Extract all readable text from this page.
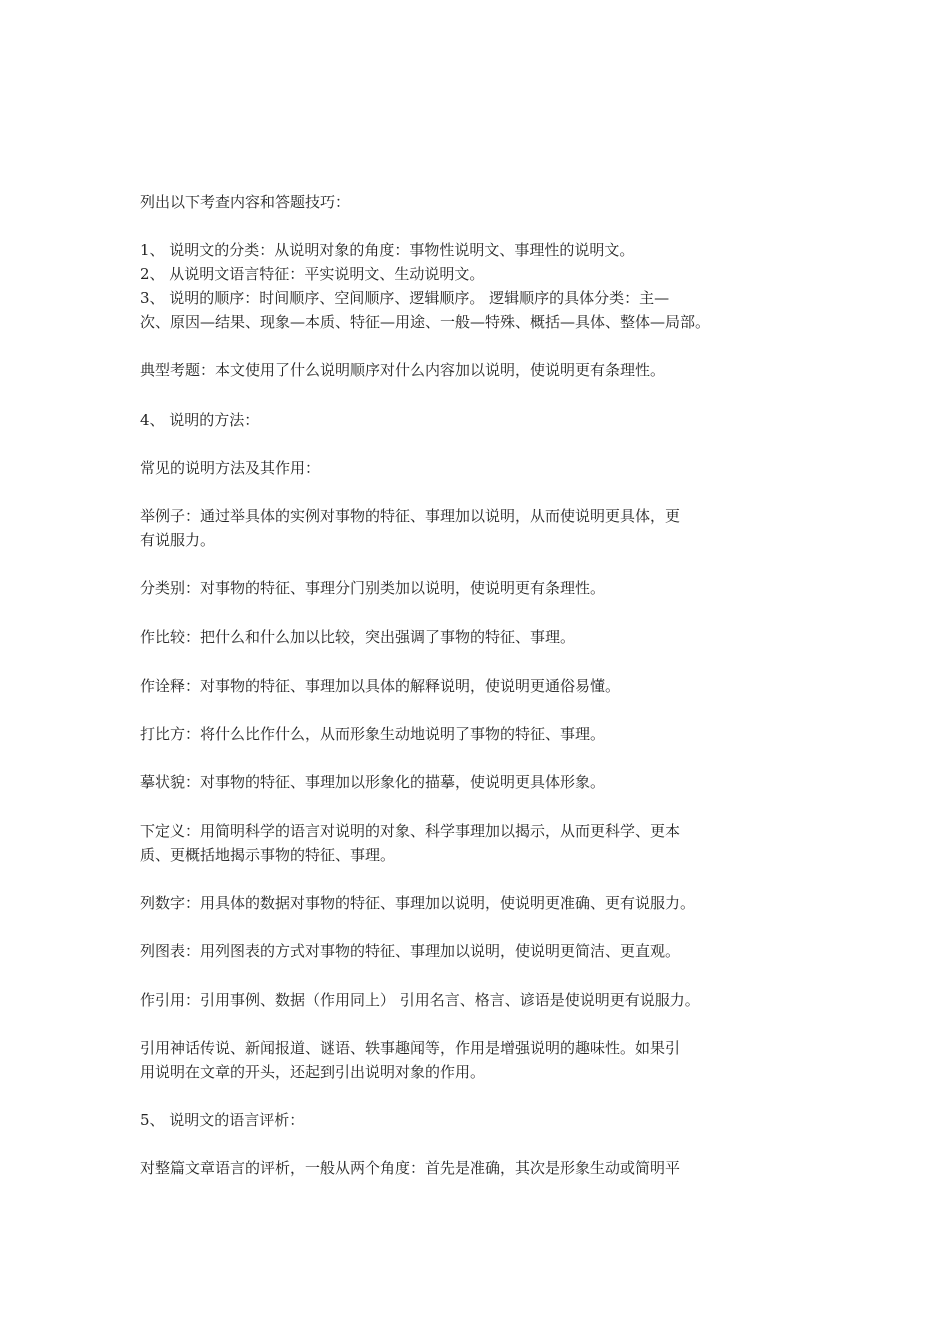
列出以下考查内容和答题技巧：
1、 说明文的分类：从说明对象的角度：事物性说明文、事理性的说明文。
2、 从说明文语言特征：平实说明文、生动说明文。
3、 说明的顺序：时间顺序、空间顺序、逻辑顺序。 逻辑顺序的具体分类：主—
次、原因—结果、现象—本质、特征—用途、一般—特殊、概括—具体、整体—局部。
典型考题：本文使用了什么说明顺序对什么内容加以说明，使说明更有条理性。
4、 说明的方法：
常见的说明方法及其作用：
举例子：通过举具体的实例对事物的特征、事理加以说明，从而使说明更具体，更
有说服力。
分类别：对事物的特征、事理分门别类加以说明，使说明更有条理性。
作比较：把什么和什么加以比较，突出强调了事物的特征、事理。
作诠释：对事物的特征、事理加以具体的解释说明，使说明更通俗易懂。
打比方：将什么比作什么，从而形象生动地说明了事物的特征、事理。
摹状貌：对事物的特征、事理加以形象化的描摹，使说明更具体形象。
下定义：用简明科学的语言对说明的对象、科学事理加以揭示，从而更科学、更本
质、更概括地揭示事物的特征、事理。
列数字：用具体的数据对事物的特征、事理加以说明，使说明更准确、更有说服力。
列图表：用列图表的方式对事物的特征、事理加以说明，使说明更简洁、更直观。
作引用：引用事例、数据（作用同上） 引用名言、格言、谚语是使说明更有说服力。
引用神话传说、新闻报道、谜语、轶事趣闻等，作用是增强说明的趣味性。如果引
用说明在文章的开头，还起到引出说明对象的作用。
5、 说明文的语言评析：
对整篇文章语言的评析，一般从两个角度：首先是准确，其次是形象生动或简明平
